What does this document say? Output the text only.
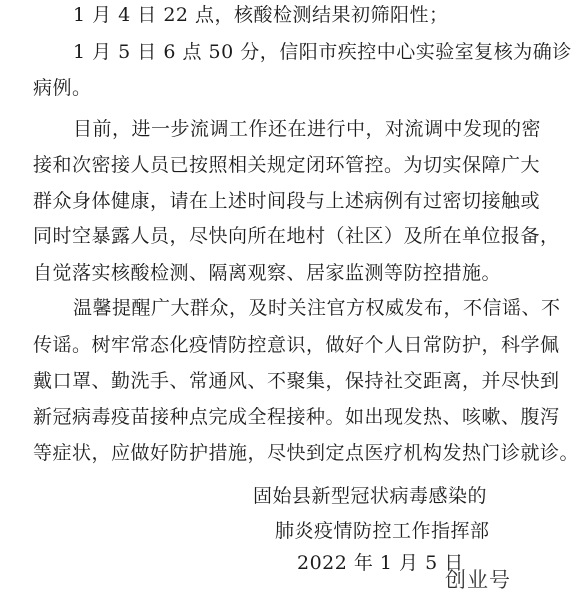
1 月 4 日 22 点，核酸检测结果初筛阳性；
1 月 5 日 6 点 50 分，信阳市疾控中心实验室复核为确诊
病例。
目前，进一步流调工作还在进行中，对流调中发现的密
接和次密接人员已按照相关规定闭环管控。为切实保障广大
群众身体健康，请在上述时间段与上述病例有过密切接触或
同时空暴露人员，尽快向所在地村（社区）及所在单位报备，
自觉落实核酸检测、隔离观察、居家监测等防控措施。
温馨提醒广大群众，及时关注官方权威发布，不信谣、不
传谣。树牢常态化疫情防控意识，做好个人日常防护，科学佩
戴口罩、勤洗手、常通风、不聚集，保持社交距离，并尽快到
新冠病毒疫苗接种点完成全程接种。如出现发热、咳嗽、腹泻
等症状，应做好防护措施，尽快到定点医疗机构发热门诊就诊。
固始县新型冠状病毒感染的
肺炎疫情防控工作指挥部
2022 年 1 月 5 日
创业号
